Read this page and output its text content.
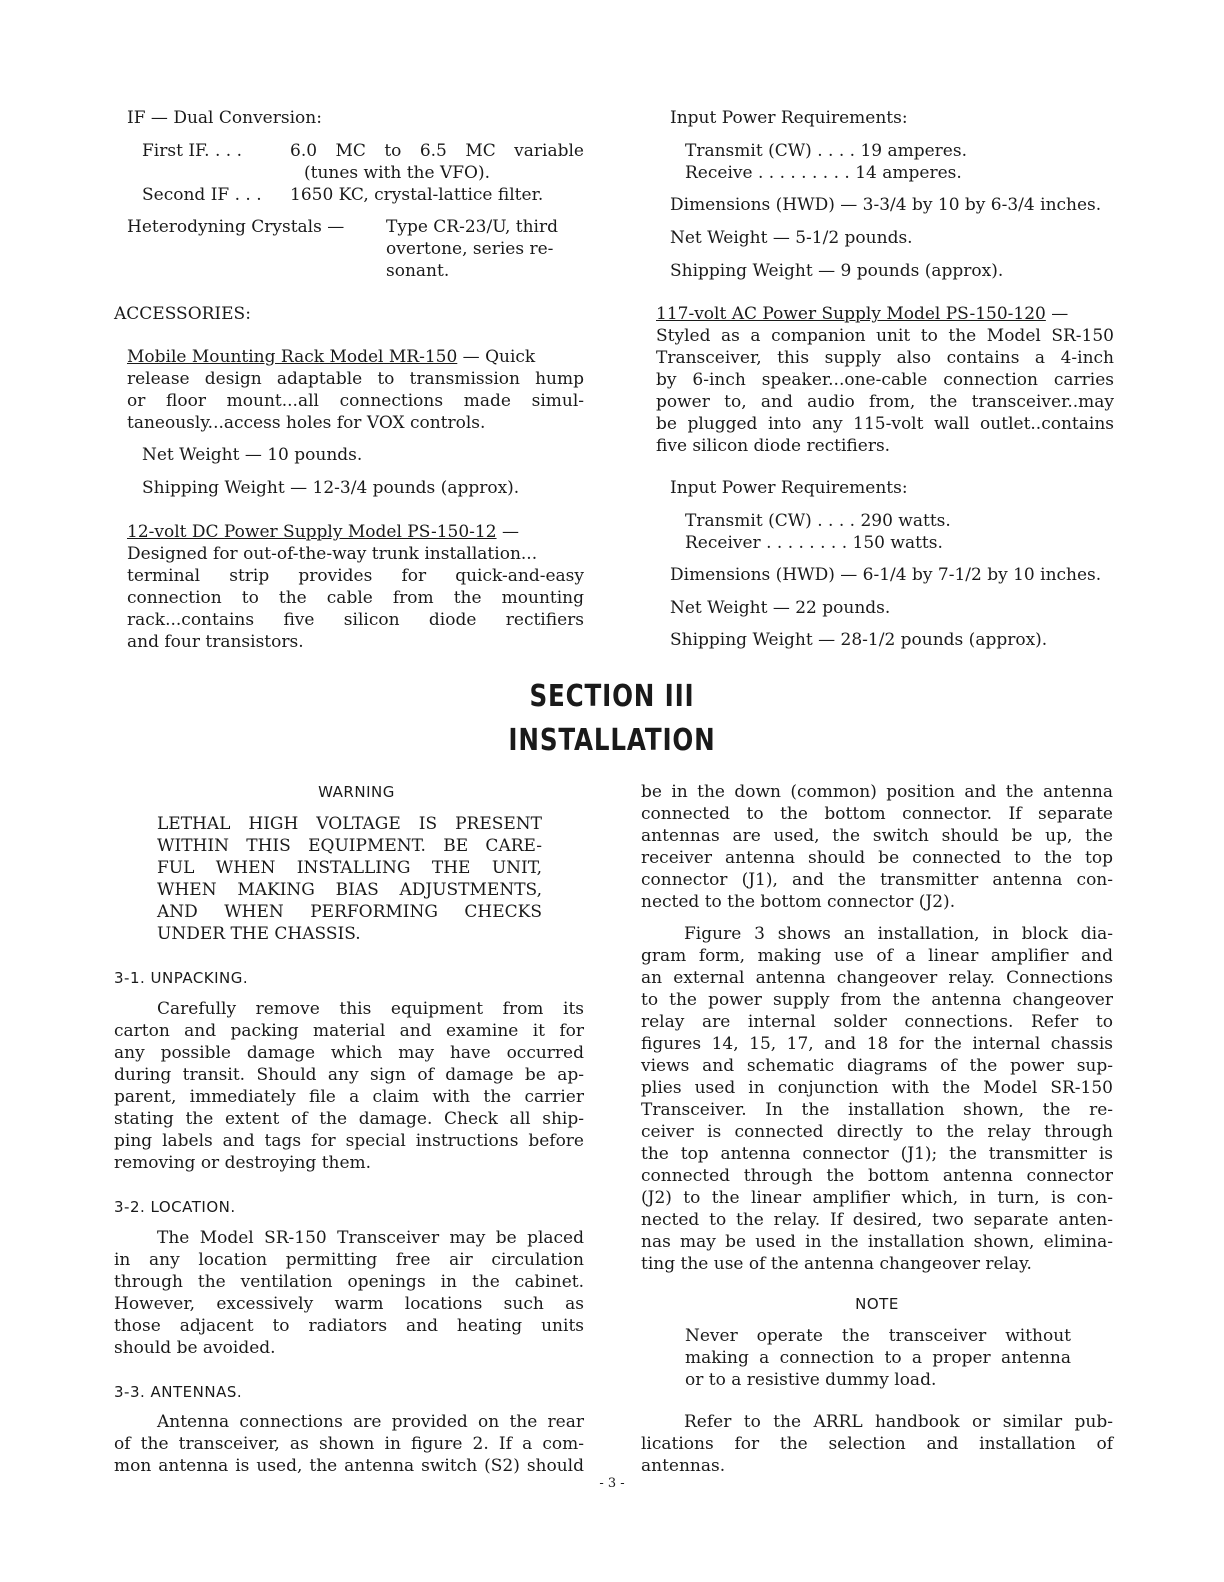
IF — Dual Conversion:
First IF. . . .	6.0 MC to 6.5 MC variable
(tunes with the VFO).
Second IF . . . 1650 KC, crystal-lattice filter.
Heterodyning Crystals — Type CR-23/U, third
overtone, series re-
sonant.
ACCESSORIES:
Mobile Mounting Rack Model MR-150 — Quick
release design adaptable to transmission hump
or floor mount...all connections made simul-
taneously...access holes for VOX controls.
Net Weight — 10 pounds.
Shipping Weight — 12-3/4 pounds (approx).
12-volt DC Power Supply Model PS-150-12 —
Designed for out-of-the-way trunk installation...
terminal strip provides for quick-and-easy
connection to the cable from the mounting
rack...contains five silicon diode rectifiers
and four transistors.
Input Power Requirements:
Transmit (CW) . . . . 19 amperes.
Receive . . . . . . . . . 14 amperes.
Dimensions (HWD) — 3-3/4 by 10 by 6-3/4 inches.
Net Weight — 5-1/2 pounds.
Shipping Weight — 9 pounds (approx).
117-volt AC Power Supply Model PS-150-120 —
Styled as a companion unit to the Model SR-150
Transceiver, this supply also contains a 4-inch
by 6-inch speaker...one-cable connection carries
power to, and audio from, the transceiver..may
be plugged into any 115-volt wall outlet..contains
five silicon diode rectifiers.
Input Power Requirements:
Transmit (CW) . . . . 290 watts.
Receiver . . . . . . . . 150 watts.
Dimensions (HWD) — 6-1/4 by 7-1/2 by 10 inches.
Net Weight — 22 pounds.
Shipping Weight — 28-1/2 pounds (approx).
SECTION III
INSTALLATION
WARNING
LETHAL HIGH VOLTAGE IS PRESENT
WITHIN THIS EQUIPMENT. BE CARE-
FUL WHEN INSTALLING THE UNIT,
WHEN MAKING BIAS ADJUSTMENTS,
AND WHEN PERFORMING CHECKS
UNDER THE CHASSIS.
3-1. UNPACKING.
Carefully remove this equipment from its
carton and packing material and examine it for
any possible damage which may have occurred
during transit. Should any sign of damage be ap-
parent, immediately file a claim with the carrier
stating the extent of the damage. Check all ship-
ping labels and tags for special instructions before
removing or destroying them.
3-2. LOCATION.
The Model SR-150 Transceiver may be placed
in any location permitting free air circulation
through the ventilation openings in the cabinet.
However, excessively warm locations such as
those adjacent to radiators and heating units
should be avoided.
3-3. ANTENNAS.
Antenna connections are provided on the rear
of the transceiver, as shown in figure 2. If a com-
mon antenna is used, the antenna switch (S2) should
be in the down (common) position and the antenna
connected to the bottom connector. If separate
antennas are used, the switch should be up, the
receiver antenna should be connected to the top
connector (J1), and the transmitter antenna con-
nected to the bottom connector (J2).
Figure 3 shows an installation, in block dia-
gram form, making use of a linear amplifier and
an external antenna changeover relay. Connections
to the power supply from the antenna changeover
relay are internal solder connections. Refer to
figures 14, 15, 17, and 18 for the internal chassis
views and schematic diagrams of the power sup-
plies used in conjunction with the Model SR-150
Transceiver. In the installation shown, the re-
ceiver is connected directly to the relay through
the top antenna connector (J1); the transmitter is
connected through the bottom antenna connector
(J2) to the linear amplifier which, in turn, is con-
nected to the relay. If desired, two separate anten-
nas may be used in the installation shown, elimina-
ting the use of the antenna changeover relay.
NOTE
Never operate the transceiver without
making a connection to a proper antenna
or to a resistive dummy load.
Refer to the ARRL handbook or similar pub-
lications for the selection and installation of
antennas.
- 3 -
